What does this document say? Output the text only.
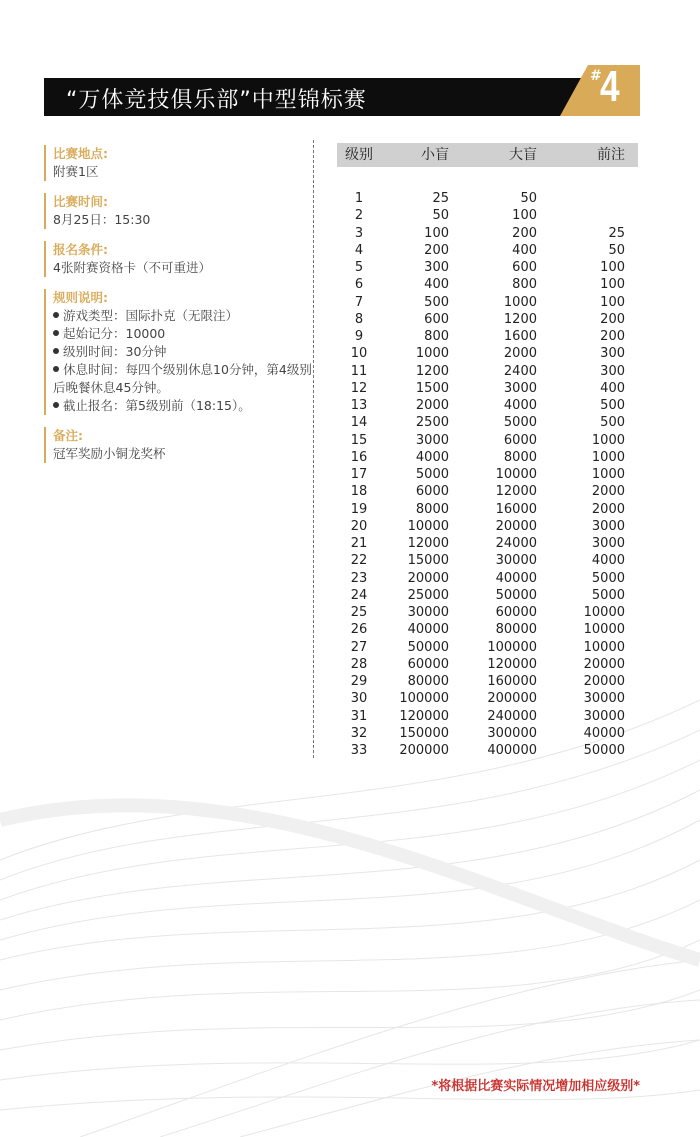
“万体竞技俱乐部”中型锦标赛
#
4
比赛地点:
附赛1区
比赛时间:
8月25日：15:30
报名条件:
4张附赛资格卡（不可重进）
规则说明:
游戏类型：国际扑克（无限注）
起始记分：10000
级别时间：30分钟
休息时间：每四个级别休息10分钟，第4级别后晚餐休息45分钟。
截止报名：第5级别前（18:15）。
备注:
冠军奖励小铜龙奖杯
级别	小盲	大盲	前注
1	25	50
2	50	100
3	100	200	25
4	200	400	50
5	300	600	100
6	400	800	100
7	500	1000	100
8	600	1200	200
9	800	1600	200
10	1000	2000	300
11	1200	2400	300
12	1500	3000	400
13	2000	4000	500
14	2500	5000	500
15	3000	6000	1000
16	4000	8000	1000
17	5000	10000	1000
18	6000	12000	2000
19	8000	16000	2000
20	10000	20000	3000
21	12000	24000	3000
22	15000	30000	4000
23	20000	40000	5000
24	25000	50000	5000
25	30000	60000	10000
26	40000	80000	10000
27	50000	100000	10000
28	60000	120000	20000
29	80000	160000	20000
30	100000	200000	30000
31	120000	240000	30000
32	150000	300000	40000
33	200000	400000	50000
*将根据比赛实际情况增加相应级别*
